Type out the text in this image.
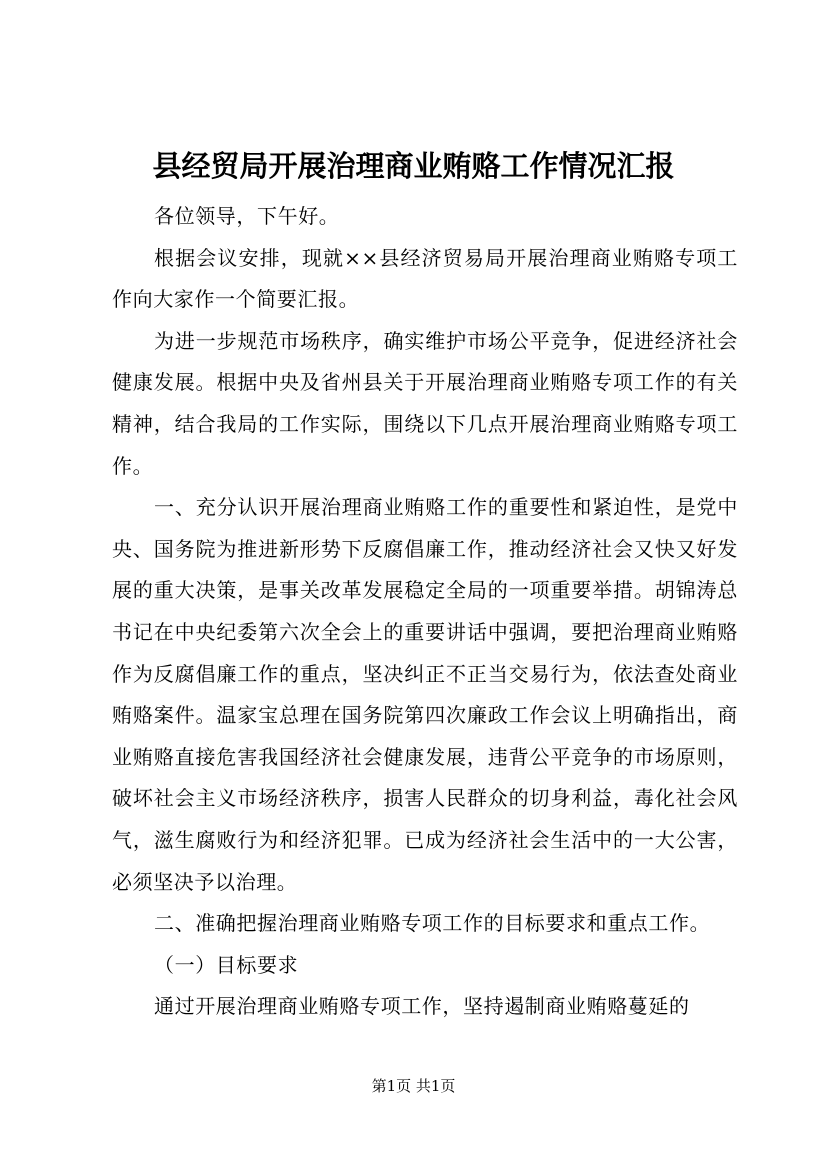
县经贸局开展治理商业贿赂工作情况汇报

各位领导，下午好。

根据会议安排，现就××县经济贸易局开展治理商业贿赂专项工作向大家作一个简要汇报。

为进一步规范市场秩序，确实维护市场公平竞争，促进经济社会健康发展。根据中央及省州县关于开展治理商业贿赂专项工作的有关精神，结合我局的工作实际，围绕以下几点开展治理商业贿赂专项工作。

一、充分认识开展治理商业贿赂工作的重要性和紧迫性，是党中央、国务院为推进新形势下反腐倡廉工作，推动经济社会又快又好发展的重大决策，是事关改革发展稳定全局的一项重要举措。胡锦涛总书记在中央纪委第六次全会上的重要讲话中强调，要把治理商业贿赂作为反腐倡廉工作的重点，坚决纠正不正当交易行为，依法查处商业贿赂案件。温家宝总理在国务院第四次廉政工作会议上明确指出，商业贿赂直接危害我国经济社会健康发展，违背公平竞争的市场原则，破坏社会主义市场经济秩序，损害人民群众的切身利益，毒化社会风气，滋生腐败行为和经济犯罪。已成为经济社会生活中的一大公害，必须坚决予以治理。

二、准确把握治理商业贿赂专项工作的目标要求和重点工作。

（一）目标要求

通过开展治理商业贿赂专项工作，坚持遏制商业贿赂蔓延的

第1页 共1页
